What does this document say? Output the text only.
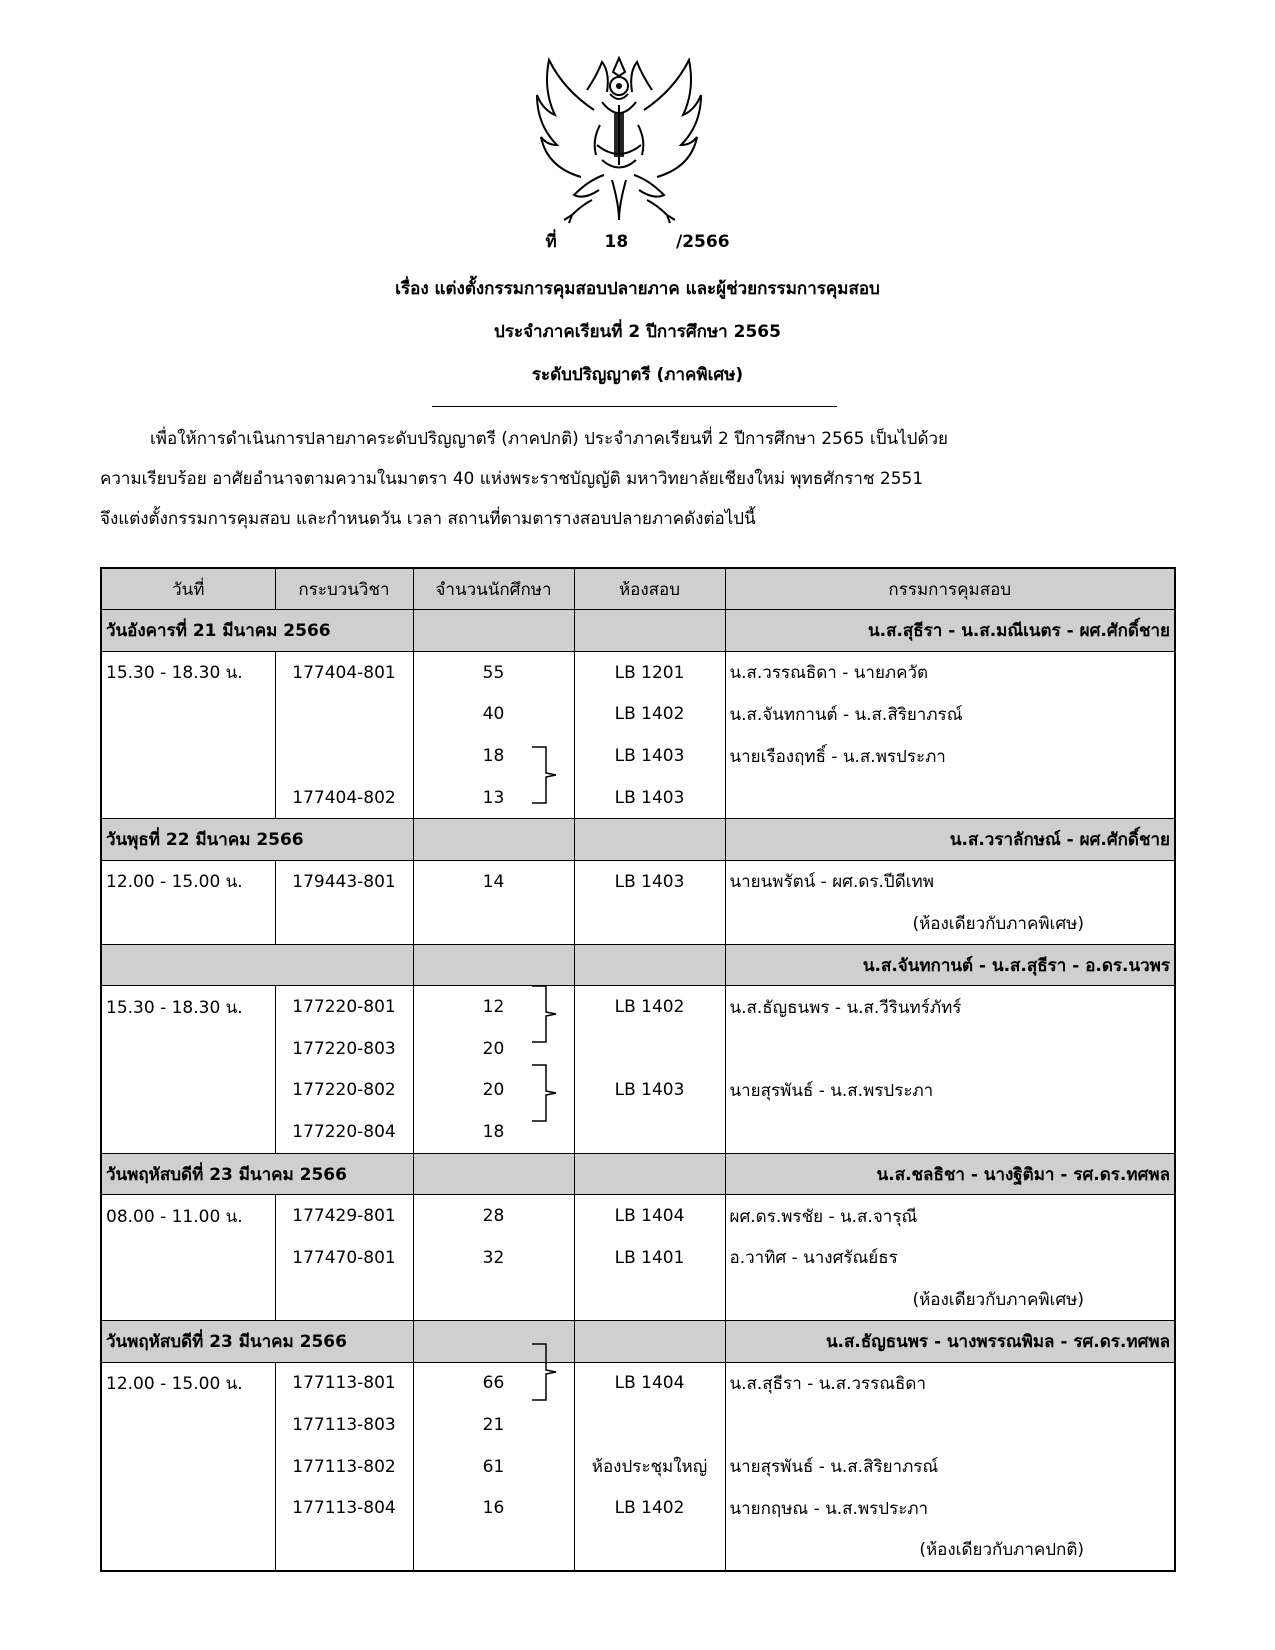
ที่	18	/2566
เรื่อง แต่งตั้งกรรมการคุมสอบปลายภาค และผู้ช่วยกรรมการคุมสอบ
ประจำภาคเรียนที่ 2 ปีการศึกษา 2565
ระดับปริญญาตรี (ภาคพิเศษ)
เพื่อให้การดำเนินการปลายภาคระดับปริญญาตรี (ภาคปกติ) ประจำภาคเรียนที่ 2 ปีการศึกษา 2565 เป็นไปด้วย
ความเรียบร้อย อาศัยอำนาจตามความในมาตรา 40 แห่งพระราชบัญญัติ มหาวิทยาลัยเชียงใหม่ พุทธศักราช 2551
จึงแต่งตั้งกรรมการคุมสอบ และกำหนดวัน เวลา สถานที่ตามตารางสอบปลายภาคดังต่อไปนี้
วันที่	กระบวนวิชา	จำนวนนักศึกษา	ห้องสอบ	กรรมการคุมสอบ
วันอังคารที่ 21 มีนาคม 2566				น.ส.สุธีรา - น.ส.มณีเนตร - ผศ.ศักดิ์ชาย
15.30 - 18.30 น.	177404-801	55	LB 1201	น.ส.วรรณธิดา - นายภควัต
		40	LB 1402	น.ส.จันทกานต์ - น.ส.สิริยาภรณ์
		18	LB 1403	นายเรืองฤทธิ์ - น.ส.พรประภา
	177404-802	13	LB 1403	
วันพุธที่ 22 มีนาคม 2566				น.ส.วราลักษณ์ - ผศ.ศักดิ์ชาย
12.00 - 15.00 น.	179443-801	14	LB 1403	นายนพรัตน์ - ผศ.ดร.ปีดีเทพ
				(ห้องเดียวกับภาคพิเศษ)
				น.ส.จันทกานต์ - น.ส.สุธีรา - อ.ดร.นวพร
15.30 - 18.30 น.	177220-801	12	LB 1402	น.ส.ธัญธนพร - น.ส.วีรินทร์ภัทร์
	177220-803	20		
	177220-802	20	LB 1403	นายสุรพันธ์ - น.ส.พรประภา
	177220-804	18		
วันพฤหัสบดีที่ 23 มีนาคม 2566				น.ส.ชลธิชา - นางฐิติมา - รศ.ดร.ทศพล
08.00 - 11.00 น.	177429-801	28	LB 1404	ผศ.ดร.พรชัย - น.ส.จารุณี
	177470-801	32	LB 1401	อ.วาทิศ - นางศรัณย์ธร
				(ห้องเดียวกับภาคพิเศษ)
วันพฤหัสบดีที่ 23 มีนาคม 2566				น.ส.ธัญธนพร - นางพรรณพิมล - รศ.ดร.ทศพล
12.00 - 15.00 น.	177113-801	66	LB 1404	น.ส.สุธีรา - น.ส.วรรณธิดา
	177113-803	21		
	177113-802	61	ห้องประชุมใหญ่	นายสุรพันธ์ - น.ส.สิริยาภรณ์
	177113-804	16	LB 1402	นายกฤษณ - น.ส.พรประภา
				(ห้องเดียวกับภาคปกติ)
